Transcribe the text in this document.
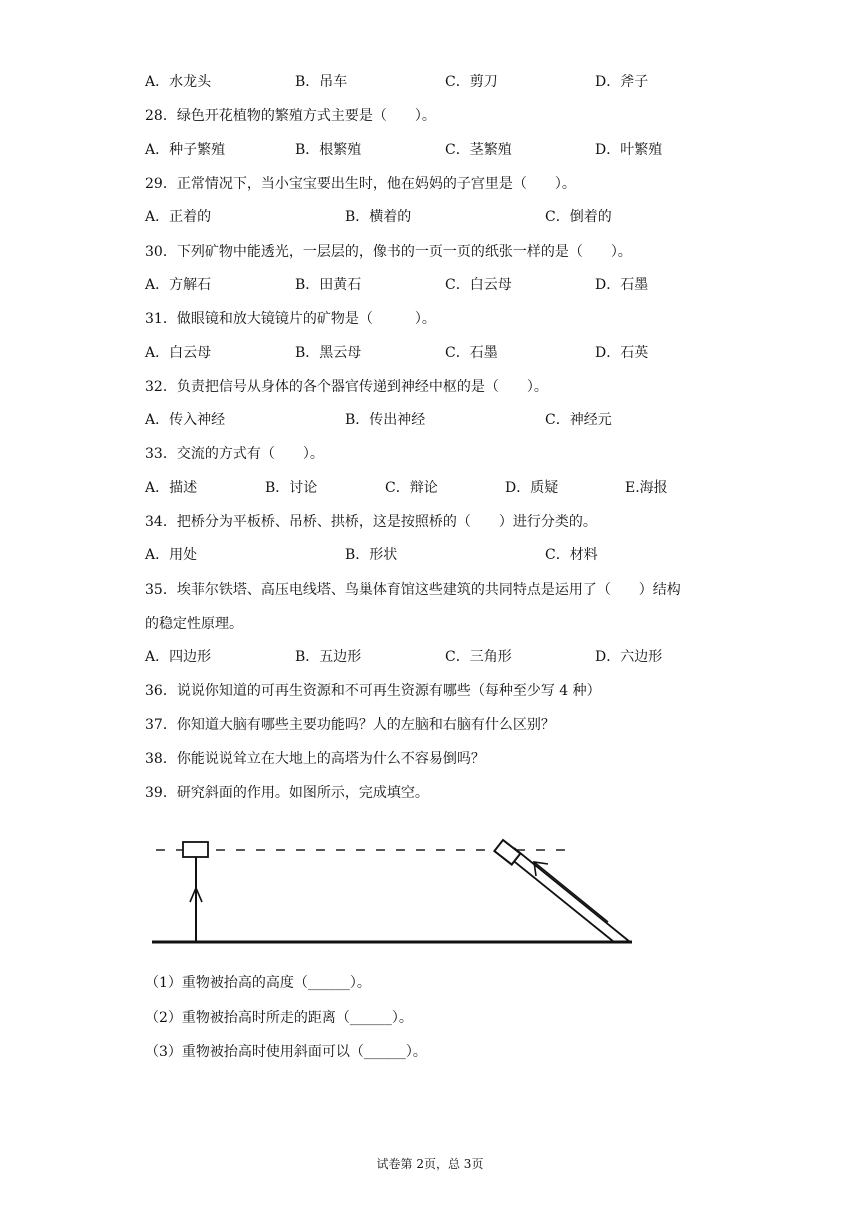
A．水龙头	B．吊车	C．剪刀	D．斧子
28．绿色开花植物的繁殖方式主要是（　　）。
A．种子繁殖	B．根繁殖	C．茎繁殖	D．叶繁殖
29．正常情况下，当小宝宝要出生时，他在妈妈的子宫里是（　　）。
A．正着的	B．横着的	C．倒着的
30．下列矿物中能透光，一层层的，像书的一页一页的纸张一样的是（　　）。
A．方解石	B．田黄石	C．白云母	D．石墨
31．做眼镜和放大镜镜片的矿物是（　　　）。
A．白云母	B．黑云母	C．石墨	D．石英
32．负责把信号从身体的各个器官传递到神经中枢的是（　　）。
A．传入神经	B．传出神经	C．神经元
33．交流的方式有（　　）。
A．描述	B．讨论	C．辩论	D．质疑	E.海报
34．把桥分为平板桥、吊桥、拱桥，这是按照桥的（　　）进行分类的。
A．用处	B．形状	C．材料
35．埃菲尔铁塔、高压电线塔、鸟巢体育馆这些建筑的共同特点是运用了（　　）结构
的稳定性原理。
A．四边形	B．五边形	C．三角形	D．六边形
36．说说你知道的可再生资源和不可再生资源有哪些（每种至少写 4 种）
37．你知道大脑有哪些主要功能吗？人的左脑和右脑有什么区别？
38．你能说说耸立在大地上的高塔为什么不容易倒吗？
39．研究斜面的作用。如图所示，完成填空。
（1）重物被抬高的高度（______）。
（2）重物被抬高时所走的距离（______）。
（3）重物被抬高时使用斜面可以（______）。
试卷第 2页，总 3页
